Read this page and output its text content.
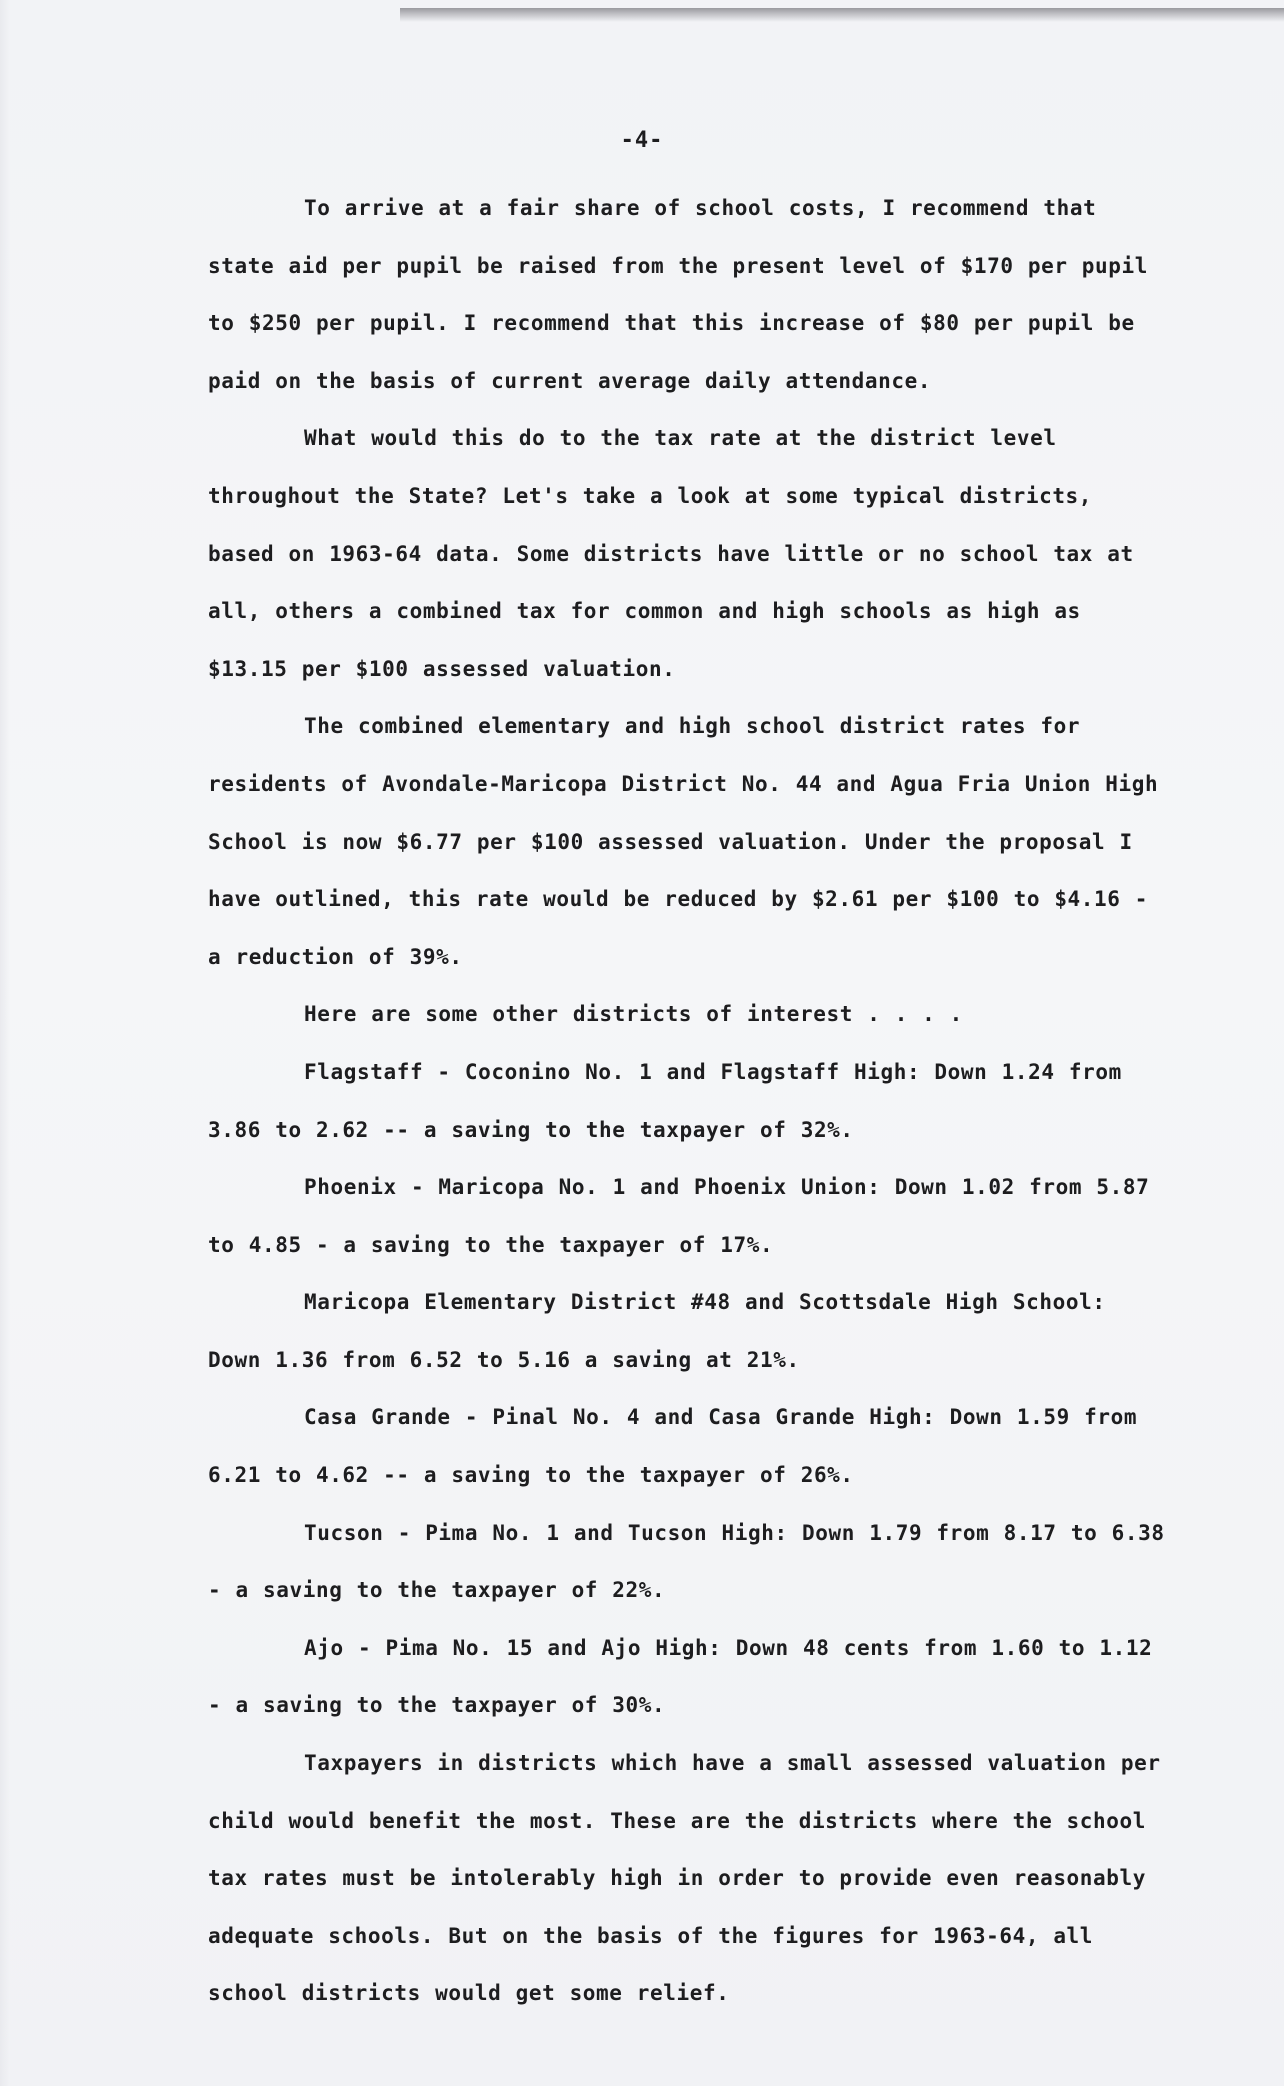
-4-

To arrive at a fair share of school costs, I recommend that state aid per pupil be raised from the present level of $170 per pupil to $250 per pupil. I recommend that this increase of $80 per pupil be paid on the basis of current average daily attendance.

What would this do to the tax rate at the district level throughout the State? Let's take a look at some typical districts, based on 1963-64 data. Some districts have little or no school tax at all, others a combined tax for common and high schools as high as $13.15 per $100 assessed valuation.

The combined elementary and high school district rates for residents of Avondale-Maricopa District No. 44 and Agua Fria Union High School is now $6.77 per $100 assessed valuation. Under the proposal I have outlined, this rate would be reduced by $2.61 per $100 to $4.16 - a reduction of 39%.

Here are some other districts of interest . . . .

Flagstaff - Coconino No. 1 and Flagstaff High: Down 1.24 from 3.86 to 2.62 -- a saving to the taxpayer of 32%.

Phoenix - Maricopa No. 1 and Phoenix Union: Down 1.02 from 5.87 to 4.85 - a saving to the taxpayer of 17%.

Maricopa Elementary District #48 and Scottsdale High School: Down 1.36 from 6.52 to 5.16 a saving at 21%.

Casa Grande - Pinal No. 4 and Casa Grande High: Down 1.59 from 6.21 to 4.62 -- a saving to the taxpayer of 26%.

Tucson - Pima No. 1 and Tucson High: Down 1.79 from 8.17 to 6.38 - a saving to the taxpayer of 22%.

Ajo - Pima No. 15 and Ajo High: Down 48 cents from 1.60 to 1.12 - a saving to the taxpayer of 30%.

Taxpayers in districts which have a small assessed valuation per child would benefit the most. These are the districts where the school tax rates must be intolerably high in order to provide even reasonably adequate schools. But on the basis of the figures for 1963-64, all school districts would get some relief.
